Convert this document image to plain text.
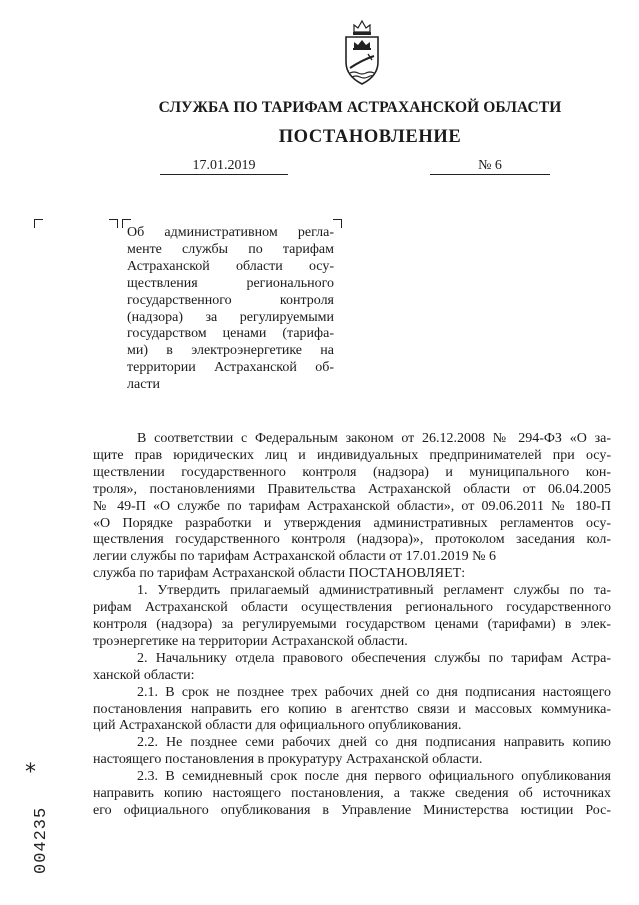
СЛУЖБА ПО ТАРИФАМ АСТРАХАНСКОЙ ОБЛАСТИ
ПОСТАНОВЛЕНИЕ
17.01.2019	№ 6
Об административном регла-
менте службы по тарифам
Астраханской области осу-
ществления регионального
государственного контроля
(надзора) за регулируемыми
государством ценами (тарифа-
ми) в электроэнергетике на
территории Астраханской об-
ласти
В соответствии с Федеральным законом от 26.12.2008 № 294-ФЗ «О за-
щите прав юридических лиц и индивидуальных предпринимателей при осу-
ществлении государственного контроля (надзора) и муниципального кон-
троля», постановлениями Правительства Астраханской области от 06.04.2005
№ 49-П «О службе по тарифам Астраханской области», от 09.06.2011 № 180-П
«О Порядке разработки и утверждения административных регламентов осу-
ществления государственного контроля (надзора)», протоколом заседания кол-
легии службы по тарифам Астраханской области от 17.01.2019 № 6
служба по тарифам Астраханской области ПОСТАНОВЛЯЕТ:
1. Утвердить прилагаемый административный регламент службы по та-
рифам Астраханской области осуществления регионального государственного
контроля (надзора) за регулируемыми государством ценами (тарифами) в элек-
троэнергетике на территории Астраханской области.
2. Начальнику отдела правового обеспечения службы по тарифам Астра-
ханской области:
2.1. В срок не позднее трех рабочих дней со дня подписания настоящего
постановления направить его копию в агентство связи и массовых коммуника-
ций Астраханской области для официального опубликования.
2.2. Не позднее семи рабочих дней со дня подписания направить копию
настоящего постановления в прокуратуру Астраханской области.
2.3. В семидневный срок после дня первого официального опубликования
направить копию настоящего постановления, а также сведения об источниках
его официального опубликования в Управление Министерства юстиции Рос-
*
004235
